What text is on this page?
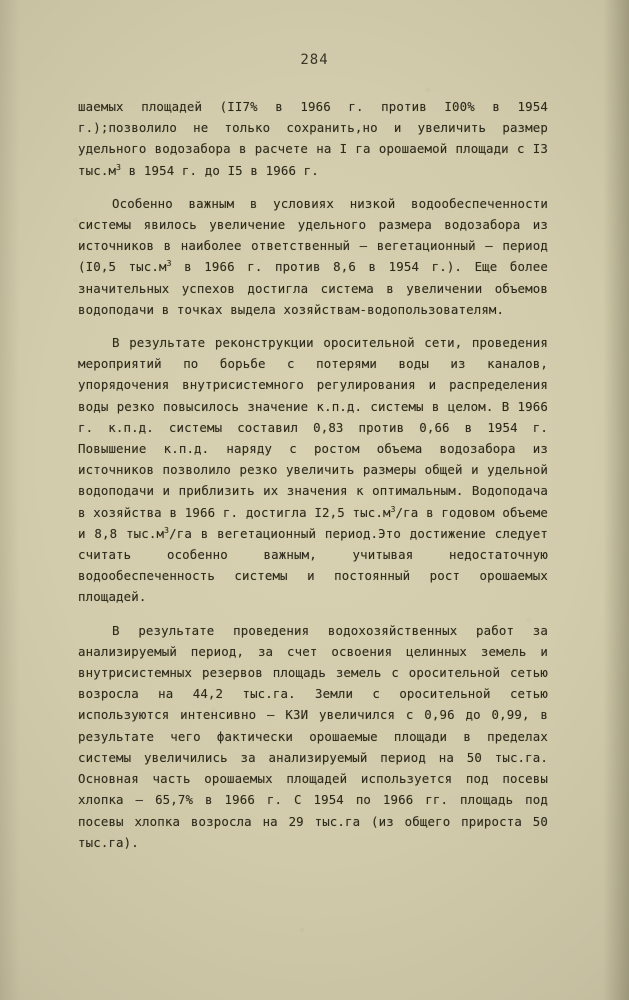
284

шаемых площадей (II7% в 1966 г. против I00% в 1954 г.);позволило не только сохранить,но и увеличить размер удельного водозабора в расчете на I га орошаемой площади с I3 $тыс.м^3$ в 1954 г. до I5 в 1966 г.

Особенно важным в условиях низкой водообеспеченности системы явилось увеличение удельного размера водозабора из источников в наиболее ответственный – вегетационный – период (I0,5 $тыс.м^3$ в 1966 г. против 8,6 в 1954 г.). Еще более значительных успехов достигла система в увеличении объемов водоподачи в точках выдела хозяйствам-водопользователям.

В результате реконструкции оросительной сети, проведения мероприятий по борьбе с потерями воды из каналов, упорядочения внутрисистемного регулирования и распределения воды резко повысилось значение к.п.д. системы в целом. В 1966 г. к.п.д. системы составил 0,83 против 0,66 в 1954 г. Повышение к.п.д. наряду с ростом объема водозабора из источников позволило резко увеличить размеры общей и удельной водоподачи и приблизить их значения к оптимальным. Водоподача в хозяйства в 1966 г. достигла I2,5 $тыс.м^3/га$ в годовом объеме и 8,8 $тыс.м^3/га$ в вегетационный период.Это достижение следует считать особенно важным, учитывая недостаточную водообеспеченность системы и постоянный рост орошаемых площадей.

В результате проведения водохозяйственных работ за анализируемый период, за счет освоения целинных земель и внутрисистемных резервов площадь земель с оросительной сетью возросла на 44,2 тыс.га. Земли с оросительной сетью используются интенсивно – КЗИ увеличился с 0,96 до 0,99, в результате чего фактически орошаемые площади в пределах системы увеличились за анализируемый период на 50 тыс.га. Основная часть орошаемых площадей используется под посевы хлопка – 65,7% в 1966 г. С 1954 по 1966 гг. площадь под посевы хлопка возросла на 29 тыс.га (из общего прироста 50 тыс.га).
